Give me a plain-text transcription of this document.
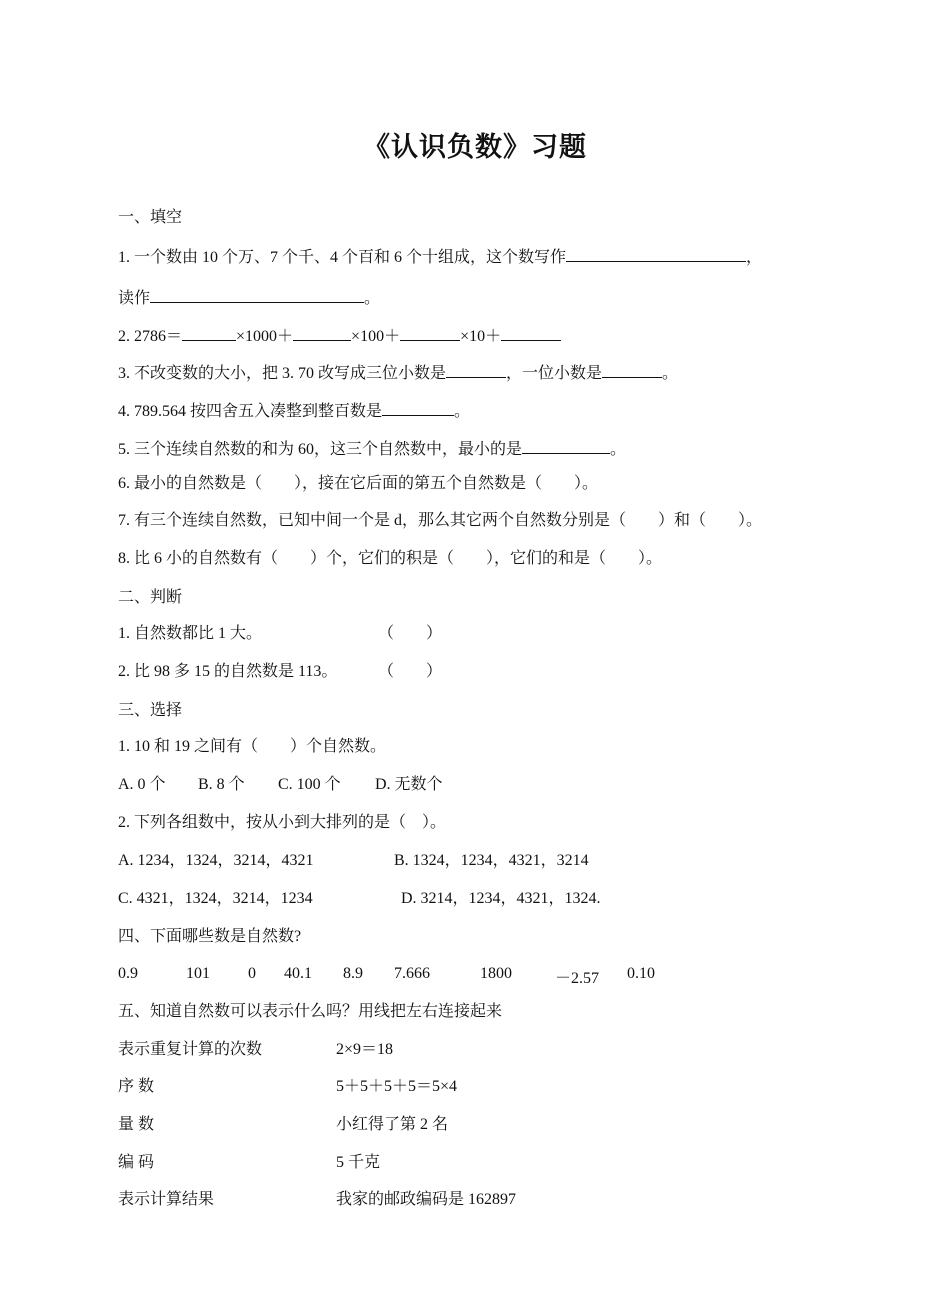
《认识负数》习题
一、填空
1. 一个数由 10 个万、7 个千、4 个百和 6 个十组成，这个数写作	，
读作	。
2. 2786＝	×1000＋	×100＋	×10＋
3. 不改变数的大小，把 3. 70 改写成三位小数是	，一位小数是	。
4. 789.564 按四舍五入凑整到整百数是	。
5. 三个连续自然数的和为 60，这三个自然数中，最小的是	。
6. 最小的自然数是（　　），接在它后面的第五个自然数是（　　）。
7. 有三个连续自然数，已知中间一个是 d，那么其它两个自然数分别是（　　）和（　　）。
8. 比 6 小的自然数有（　　）个，它们的积是（　　），它们的和是（　　）。
二、判断
1. 自然数都比 1 大。	（　　）
2. 比 98 多 15 的自然数是 113。	（　　）
三、选择
1. 10 和 19 之间有（　　）个自然数。
A. 0 个 B. 8 个 C. 100 个 D. 无数个
2. 下列各组数中，按从小到大排列的是（　）。
A. 1234，1324，3214，4321	B. 1324，1234，4321，3214
C. 4321，1324，3214，1234	D. 3214，1234，4321，1324.
四、下面哪些数是自然数?
0.9	101 0 40.1 8.9 7.666	1800	－2.57 0.10
五、知道自然数可以表示什么吗？用线把左右连接起来
表示重复计算的次数	2×9＝18
序 数	5＋5＋5＋5＝5×4
量 数	小红得了第 2 名
编 码	5 千克
表示计算结果	我家的邮政编码是 162897
